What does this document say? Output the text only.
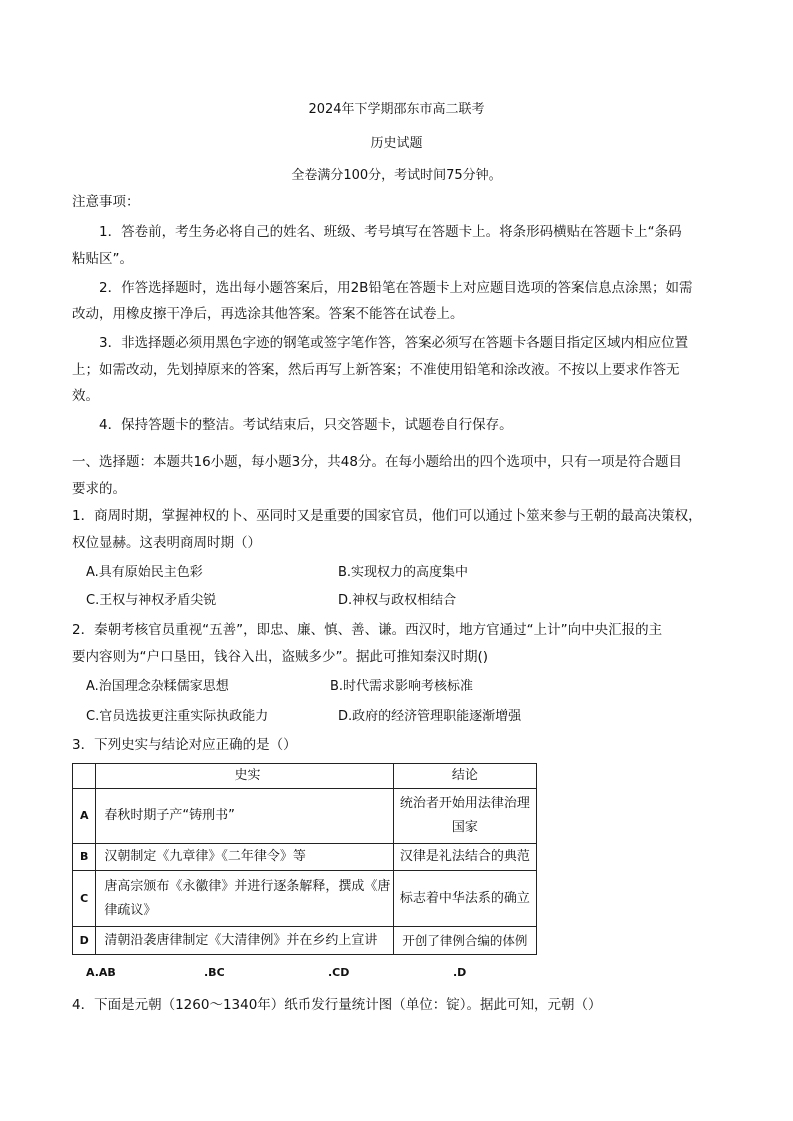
2024年下学期邵东市高二联考
历史试题
全卷满分100分，考试时间75分钟。
注意事项：
1．答卷前，考生务必将自己的姓名、班级、考号填写在答题卡上。将条形码横贴在答题卡上“条码
粘贴区”。
2．作答选择题时，选出每小题答案后，用2B铅笔在答题卡上对应题目选项的答案信息点涂黑；如需
改动，用橡皮擦干净后，再选涂其他答案。答案不能答在试卷上。
3．非选择题必须用黑色字迹的钢笔或签字笔作答，答案必须写在答题卡各题目指定区域内相应位置
上；如需改动，先划掉原来的答案，然后再写上新答案；不准使用铅笔和涂改液。不按以上要求作答无
效。
4．保持答题卡的整洁。考试结束后，只交答题卡，试题卷自行保存。
一、选择题：本题共16小题，每小题3分，共48分。在每小题给出的四个选项中，只有一项是符合题目
要求的。
1．商周时期，掌握神权的卜、巫同时又是重要的国家官员，他们可以通过卜筮来参与王朝的最高决策权，
权位显赫。这表明商周时期（）
A.具有原始民主色彩	B.实现权力的高度集中
C.王权与神权矛盾尖锐	D.神权与政权相结合
2．秦朝考核官员重视“五善”，即忠、廉、慎、善、谦。西汉时，地方官通过“上计”向中央汇报的主
要内容则为“户口垦田，钱谷入出，盗贼多少”。据此可推知秦汉时期()
A.治国理念杂糅儒家思想	B.时代需求影响考核标准
C.官员选拔更注重实际执政能力	D.政府的经济管理职能逐渐增强
3．下列史实与结论对应正确的是（）
	史实	结论
A	春秋时期子产“铸刑书”	统治者开始用法律治理国家
B	汉朝制定《九章律》《二年律令》等	汉律是礼法结合的典范
C	唐高宗颁布《永徽律》并进行逐条解释，撰成《唐律疏议》	标志着中华法系的确立
D	清朝沿袭唐律制定《大清律例》并在乡约上宣讲	开创了律例合编的体例
A.AB	.BC	.CD	.D
4．下面是元朝（1260～1340年）纸币发行量统计图（单位：锭）。据此可知，元朝（）
